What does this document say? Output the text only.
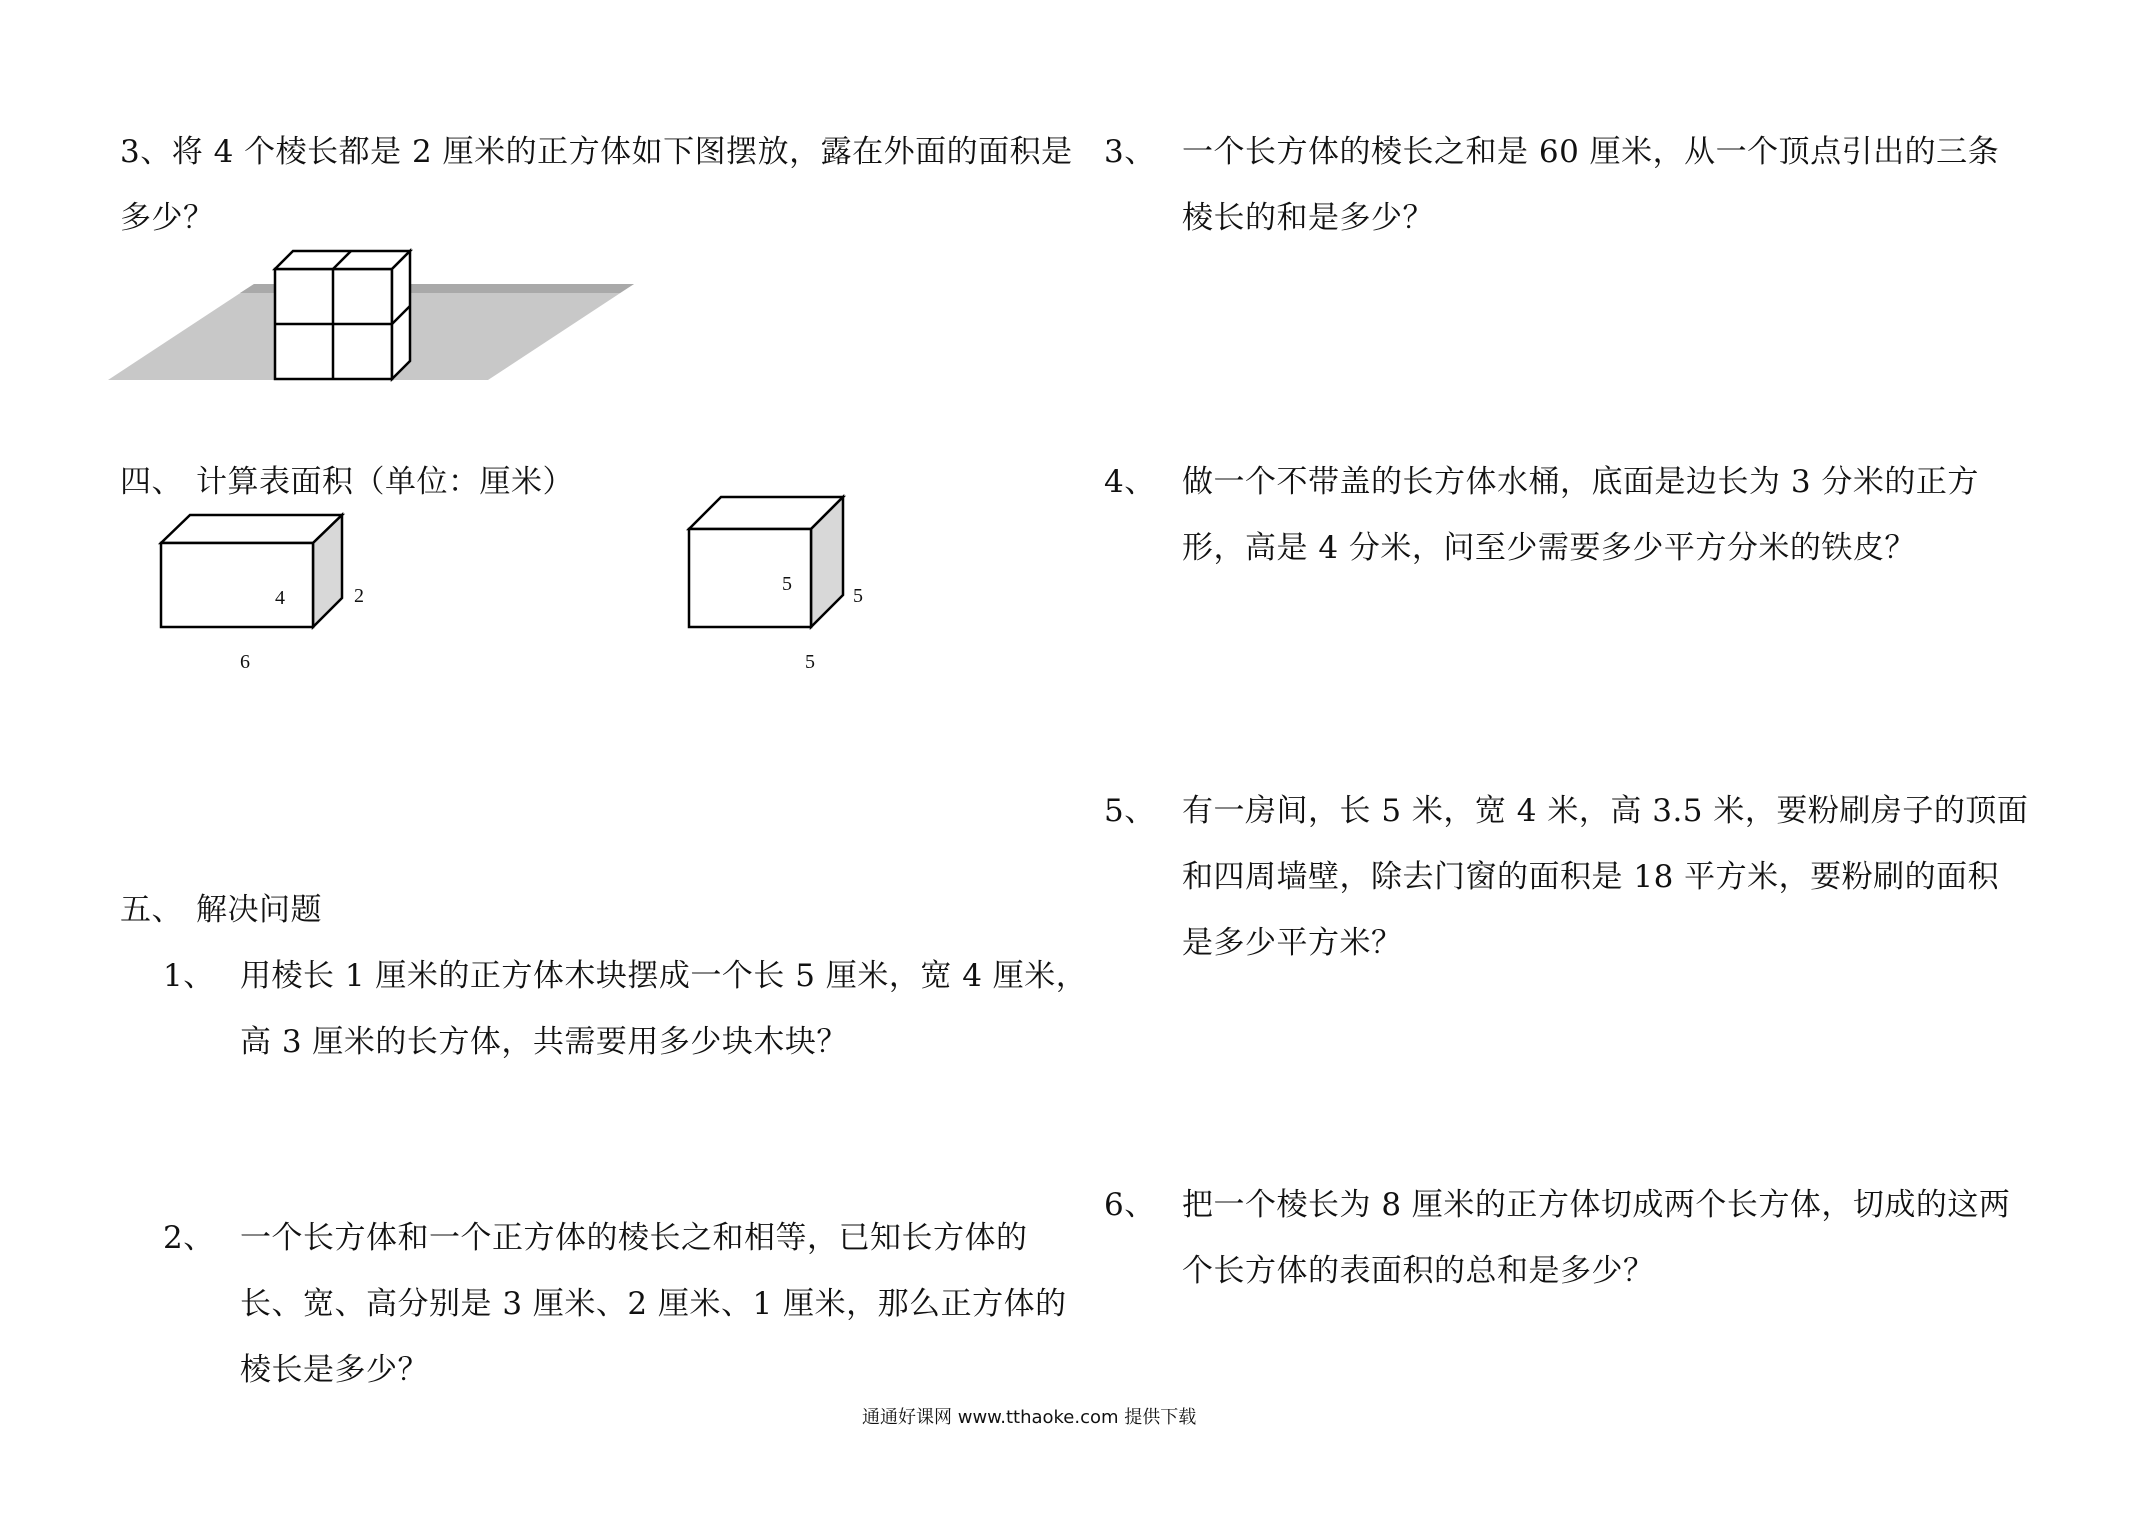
3、将 4 个棱长都是 2 厘米的正方体如下图摆放，露在外面的面积是
多少？
四、 计算表面积（单位：厘米）
4	2
6
5
5
5
五、 解决问题
1、 用棱长 1 厘米的正方体木块摆成一个长 5 厘米，宽 4 厘米，
高 3 厘米的长方体，共需要用多少块木块？
2、 一个长方体和一个正方体的棱长之和相等，已知长方体的
长、宽、高分别是 3 厘米、2 厘米、1 厘米，那么正方体的
棱长是多少？
3、 一个长方体的棱长之和是 60 厘米，从一个顶点引出的三条
棱长的和是多少？
4、 做一个不带盖的长方体水桶，底面是边长为 3 分米的正方
形，高是 4 分米，问至少需要多少平方分米的铁皮？
5、 有一房间，长 5 米，宽 4 米，高 3.5 米，要粉刷房子的顶面
和四周墙壁，除去门窗的面积是 18 平方米，要粉刷的面积
是多少平方米？
6、 把一个棱长为 8 厘米的正方体切成两个长方体，切成的这两
个长方体的表面积的总和是多少？
通通好课网 www.tthaoke.com 提供下载
